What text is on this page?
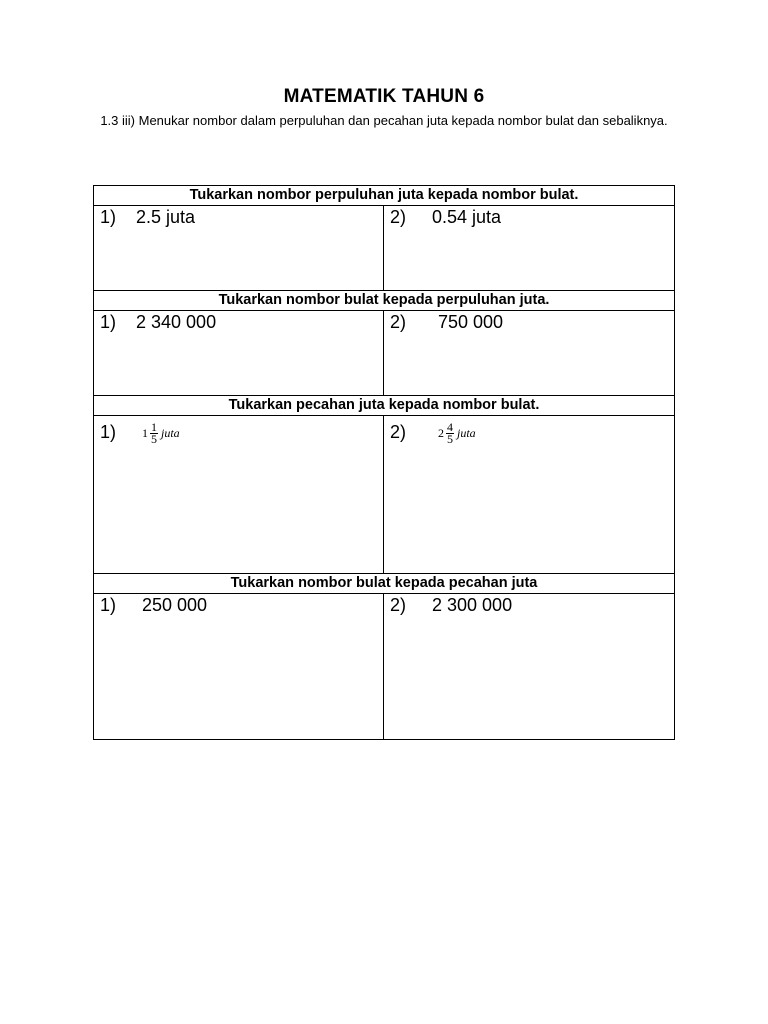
MATEMATIK TAHUN 6
1.3 iii) Menukar nombor dalam perpuluhan dan pecahan juta kepada nombor bulat dan sebaliknya.
Tukarkan nombor perpuluhan juta kepada nombor bulat.
1) 2.5 juta	2) 0.54 juta
Tukarkan nombor bulat kepada perpuluhan juta.
1) 2 340 000	2) 750 000
Tukarkan pecahan juta kepada nombor bulat.
1) $1 \frac{1}{5}$ juta	2)	$2 \frac{4}{5}$ juta
Tukarkan nombor bulat kepada pecahan juta
1) 250 000	2) 2 300 000
